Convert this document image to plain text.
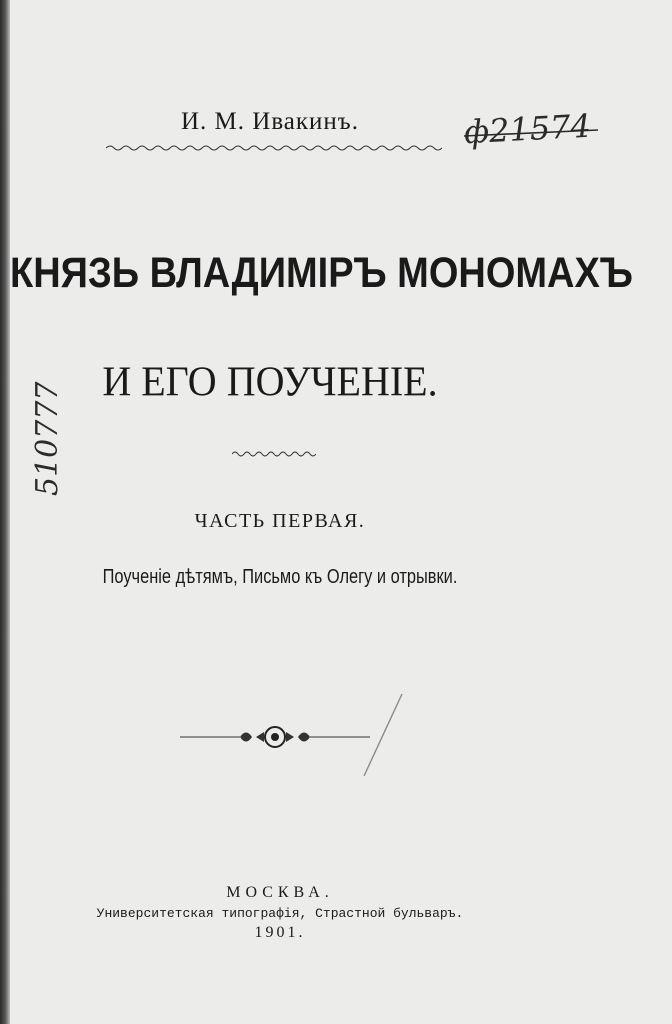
И. М. Ивакинъ.	ф21574
КНЯЗЬ ВЛАДИМІРЪ МОНОМАХЪ
И ЕГО ПОУЧЕНІЕ.
510777
ЧАСТЬ ПЕРВАЯ.
Поученіе дѣтямъ, Письмо къ Олегу и отрывки.
МОСКВА.
Университетская типографія, Страстной бульваръ.
1901.
